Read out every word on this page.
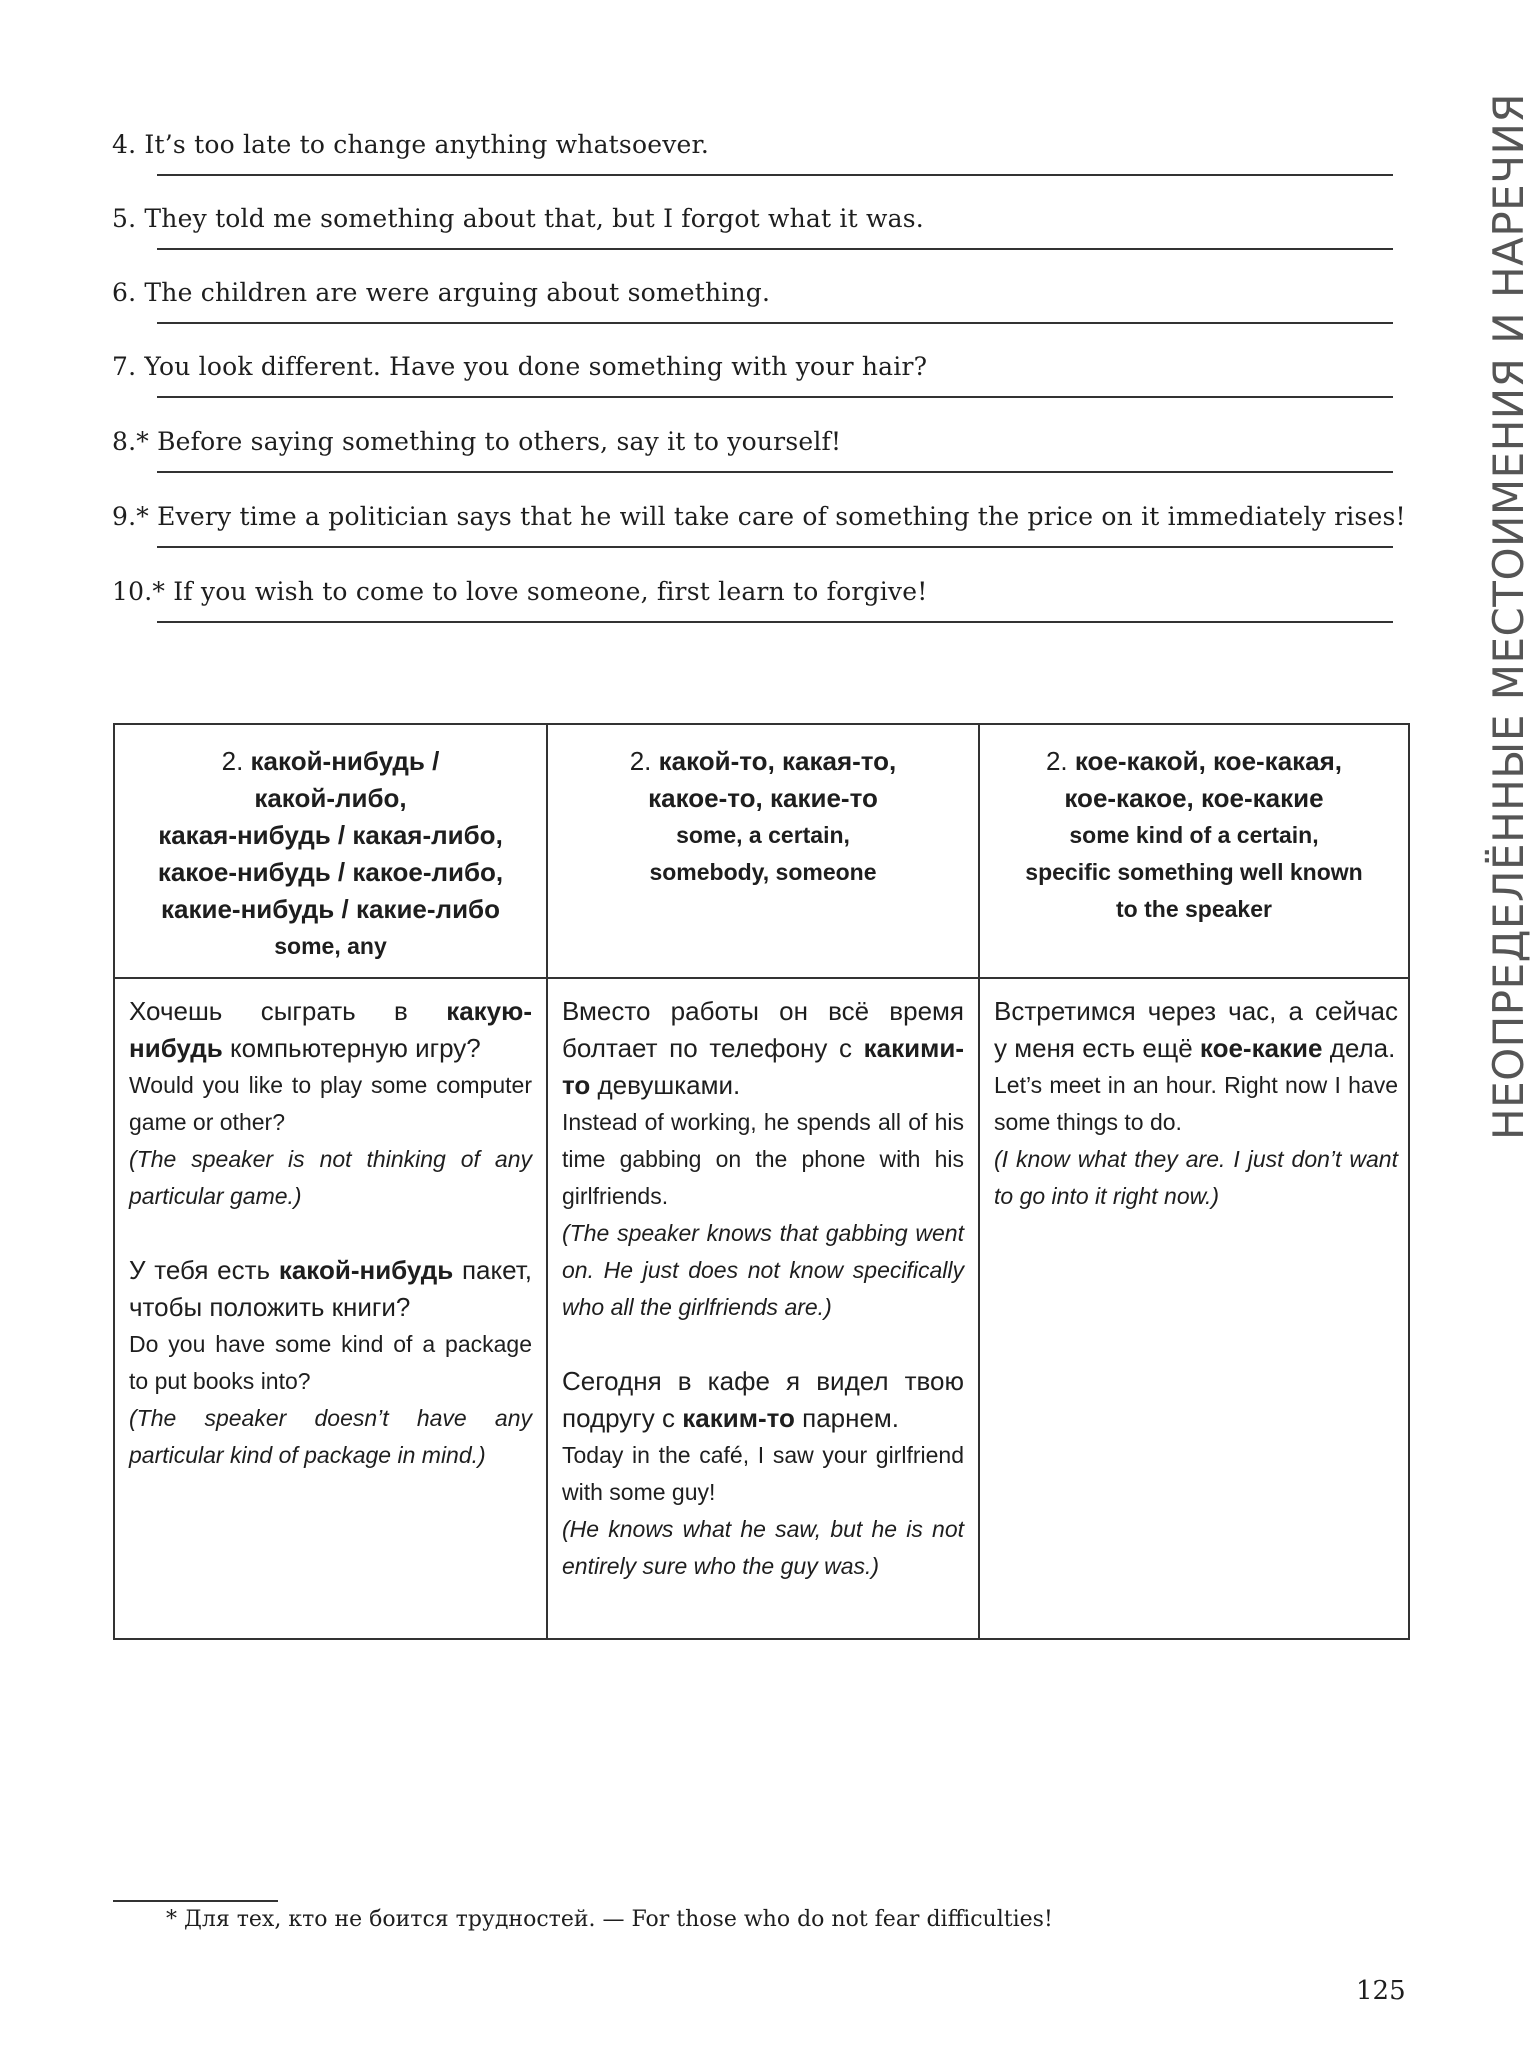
4. It’s too late to change anything whatsoever.
5. They told me something about that, but I forgot what it was.
6. The children are were arguing about something.
7. You look different. Have you done something with your hair?
8.* Before saying something to others, say it to yourself!
9.* Every time a politician says that he will take care of something the price on it immediately rises!
10.* If you wish to come to love someone, first learn to forgive!	НЕОПРЕДЕЛЁННЫЕ МЕСТОИМЕНИЯ И НАРЕЧИЯ
2. какой-нибудь /
какой-либо,
какая-нибудь / какая-либо,
какое-нибудь / какое-либо,
какие-нибудь / какие-либо
some, any
2. какой-то, какая-то,
какое-то, какие-то
some, a certain,
somebody, someone
2. кое-какой, кое-какая,
кое-какое, кое-какие
some kind of a certain,
specific something well known
to the speaker
Хочешь сыграть в какую-нибудь компьютерную игру?
Would you like to play some computer game or other?
(The speaker is not thinking of any particular game.)
У тебя есть какой-нибудь пакет, чтобы положить книги?
Do you have some kind of a package to put books into?
(The speaker doesn’t have any particular kind of package in mind.)
Вместо работы он всё время болтает по телефону с какими-то девушками.
Instead of working, he spends all of his time gabbing on the phone with his girlfriends.
(The speaker knows that gabbing went on. He just does not know specifically who all the girlfriends are.)
Сегодня в кафе я видел твою подругу с каким-то парнем.
Today in the café, I saw your girlfriend with some guy!
(He knows what he saw, but he is not entirely sure who the guy was.)
Встретимся через час, а сейчас у меня есть ещё кое-какие дела.
Let’s meet in an hour. Right now I have some things to do.
(I know what they are. I just don’t want to go into it right now.)
* Для тех, кто не боится трудностей. — For those who do not fear difficulties!
125
